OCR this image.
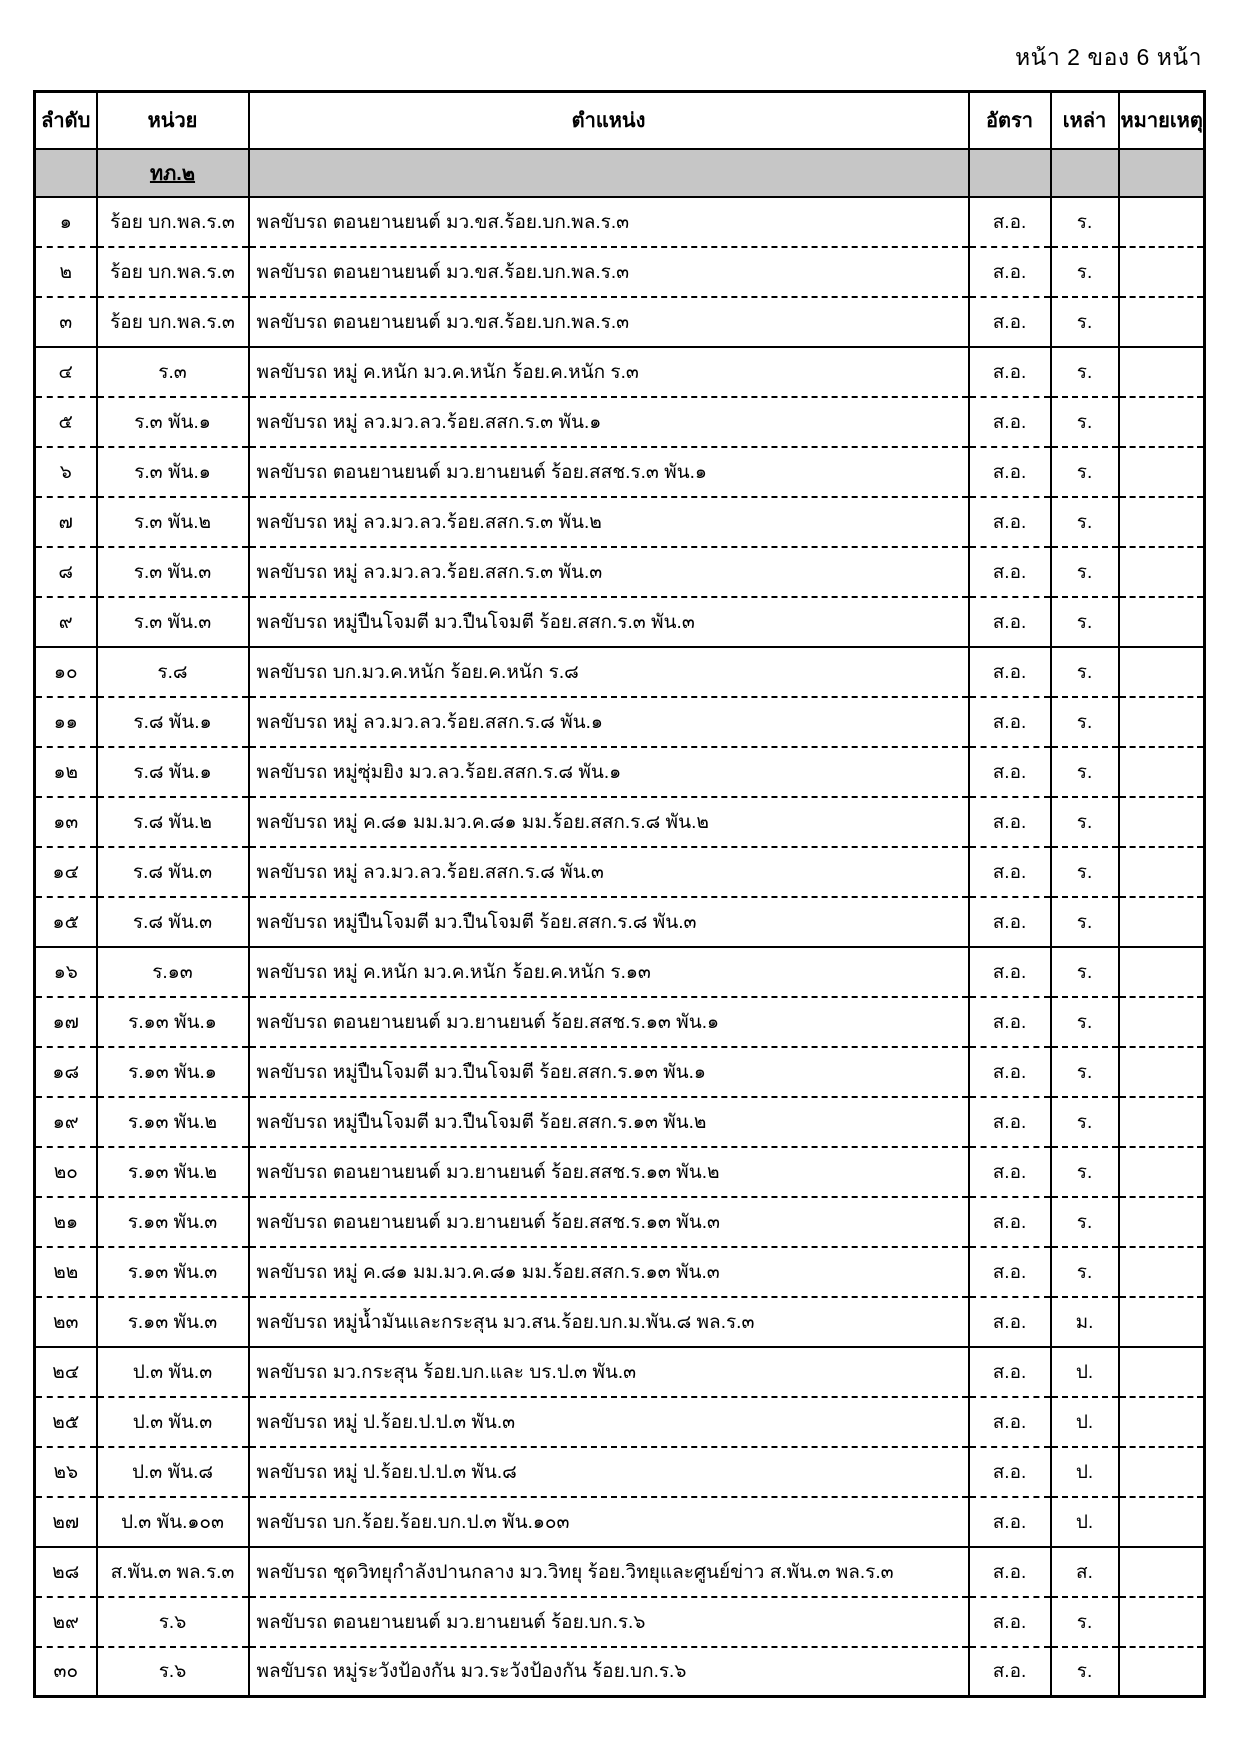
หน้า 2 ของ 6 หน้า
ลำดับ	หน่วย	ตำแหน่ง	อัตรา	เหล่า	หมายเหตุ
	ทภ.๒				
๑	ร้อย บก.พล.ร.๓	พลขับรถ ตอนยานยนต์ มว.ขส.ร้อย.บก.พล.ร.๓	ส.อ.	ร.	
๒	ร้อย บก.พล.ร.๓	พลขับรถ ตอนยานยนต์ มว.ขส.ร้อย.บก.พล.ร.๓	ส.อ.	ร.	
๓	ร้อย บก.พล.ร.๓	พลขับรถ ตอนยานยนต์ มว.ขส.ร้อย.บก.พล.ร.๓	ส.อ.	ร.	
๔	ร.๓	พลขับรถ หมู่ ค.หนัก มว.ค.หนัก ร้อย.ค.หนัก ร.๓	ส.อ.	ร.	
๕	ร.๓ พัน.๑	พลขับรถ หมู่ ลว.มว.ลว.ร้อย.สสก.ร.๓ พัน.๑	ส.อ.	ร.	
๖	ร.๓ พัน.๑	พลขับรถ ตอนยานยนต์ มว.ยานยนต์ ร้อย.สสช.ร.๓ พัน.๑	ส.อ.	ร.	
๗	ร.๓ พัน.๒	พลขับรถ หมู่ ลว.มว.ลว.ร้อย.สสก.ร.๓ พัน.๒	ส.อ.	ร.	
๘	ร.๓ พัน.๓	พลขับรถ หมู่ ลว.มว.ลว.ร้อย.สสก.ร.๓ พัน.๓	ส.อ.	ร.	
๙	ร.๓ พัน.๓	พลขับรถ หมู่ปืนโจมตี มว.ปืนโจมตี ร้อย.สสก.ร.๓ พัน.๓	ส.อ.	ร.	
๑๐	ร.๘	พลขับรถ บก.มว.ค.หนัก ร้อย.ค.หนัก ร.๘	ส.อ.	ร.	
๑๑	ร.๘ พัน.๑	พลขับรถ หมู่ ลว.มว.ลว.ร้อย.สสก.ร.๘ พัน.๑	ส.อ.	ร.	
๑๒	ร.๘ พัน.๑	พลขับรถ หมู่ซุ่มยิง มว.ลว.ร้อย.สสก.ร.๘ พัน.๑	ส.อ.	ร.	
๑๓	ร.๘ พัน.๒	พลขับรถ หมู่ ค.๘๑ มม.มว.ค.๘๑ มม.ร้อย.สสก.ร.๘ พัน.๒	ส.อ.	ร.	
๑๔	ร.๘ พัน.๓	พลขับรถ หมู่ ลว.มว.ลว.ร้อย.สสก.ร.๘ พัน.๓	ส.อ.	ร.	
๑๕	ร.๘ พัน.๓	พลขับรถ หมู่ปืนโจมตี มว.ปืนโจมตี ร้อย.สสก.ร.๘ พัน.๓	ส.อ.	ร.	
๑๖	ร.๑๓	พลขับรถ หมู่ ค.หนัก มว.ค.หนัก ร้อย.ค.หนัก ร.๑๓	ส.อ.	ร.	
๑๗	ร.๑๓ พัน.๑	พลขับรถ ตอนยานยนต์ มว.ยานยนต์ ร้อย.สสช.ร.๑๓ พัน.๑	ส.อ.	ร.	
๑๘	ร.๑๓ พัน.๑	พลขับรถ หมู่ปืนโจมตี มว.ปืนโจมตี ร้อย.สสก.ร.๑๓ พัน.๑	ส.อ.	ร.	
๑๙	ร.๑๓ พัน.๒	พลขับรถ หมู่ปืนโจมตี มว.ปืนโจมตี ร้อย.สสก.ร.๑๓ พัน.๒	ส.อ.	ร.	
๒๐	ร.๑๓ พัน.๒	พลขับรถ ตอนยานยนต์ มว.ยานยนต์ ร้อย.สสช.ร.๑๓ พัน.๒	ส.อ.	ร.	
๒๑	ร.๑๓ พัน.๓	พลขับรถ ตอนยานยนต์ มว.ยานยนต์ ร้อย.สสช.ร.๑๓ พัน.๓	ส.อ.	ร.	
๒๒	ร.๑๓ พัน.๓	พลขับรถ หมู่ ค.๘๑ มม.มว.ค.๘๑ มม.ร้อย.สสก.ร.๑๓ พัน.๓	ส.อ.	ร.	
๒๓	ร.๑๓ พัน.๓	พลขับรถ หมู่น้ำมันและกระสุน มว.สน.ร้อย.บก.ม.พัน.๘ พล.ร.๓	ส.อ.	ม.	
๒๔	ป.๓ พัน.๓	พลขับรถ มว.กระสุน ร้อย.บก.และ บร.ป.๓ พัน.๓	ส.อ.	ป.	
๒๕	ป.๓ พัน.๓	พลขับรถ หมู่ ป.ร้อย.ป.ป.๓ พัน.๓	ส.อ.	ป.	
๒๖	ป.๓ พัน.๘	พลขับรถ หมู่ ป.ร้อย.ป.ป.๓ พัน.๘	ส.อ.	ป.	
๒๗	ป.๓ พัน.๑๐๓	พลขับรถ บก.ร้อย.ร้อย.บก.ป.๓ พัน.๑๐๓	ส.อ.	ป.	
๒๘	ส.พัน.๓ พล.ร.๓	พลขับรถ ชุดวิทยุกำลังปานกลาง มว.วิทยุ ร้อย.วิทยุและศูนย์ข่าว ส.พัน.๓ พล.ร.๓	ส.อ.	ส.	
๒๙	ร.๖	พลขับรถ ตอนยานยนต์ มว.ยานยนต์ ร้อย.บก.ร.๖	ส.อ.	ร.	
๓๐	ร.๖	พลขับรถ หมู่ระวังป้องกัน มว.ระวังป้องกัน ร้อย.บก.ร.๖	ส.อ.	ร.	
